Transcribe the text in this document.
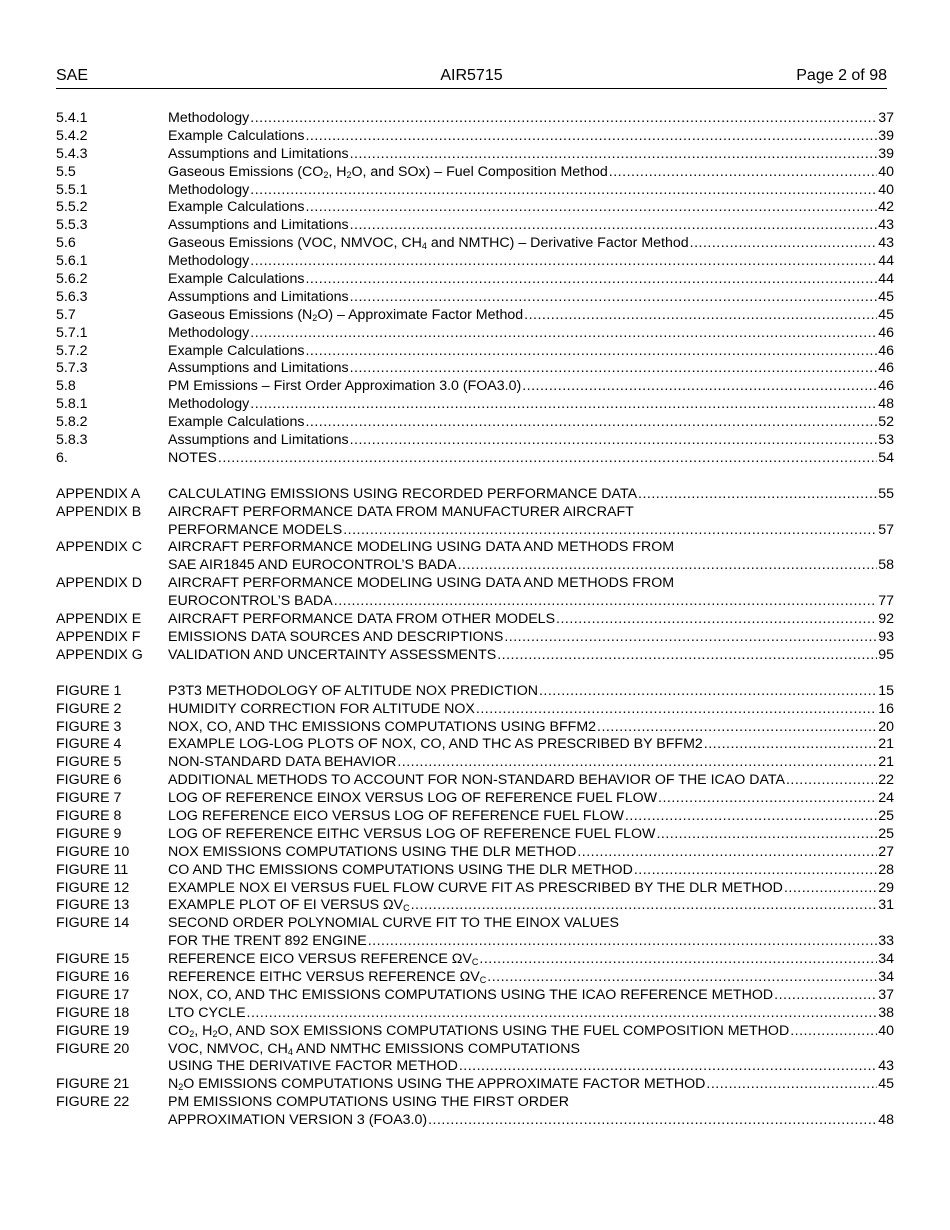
SAE	AIR5715	Page 2 of 98
5.4.1	Methodology .....	37
5.4.2	Example Calculations .....	39
5.4.3	Assumptions and Limitations .....	39
5.5	Gaseous Emissions ($CO_2$, $H_2O$, and SOx) – Fuel Composition Method .....	40
5.5.1	Methodology .....	40
5.5.2	Example Calculations .....	42
5.5.3	Assumptions and Limitations .....	43
5.6	Gaseous Emissions (VOC, NMVOC, $CH_4$ and NMTHC) – Derivative Factor Method .....	43
5.6.1	Methodology .....	44
5.6.2	Example Calculations .....	44
5.6.3	Assumptions and Limitations .....	45
5.7	Gaseous Emissions $(N_2O)$ – Approximate Factor Method .....	45
5.7.1	Methodology .....	46
5.7.2	Example Calculations .....	46
5.7.3	Assumptions and Limitations .....	46
5.8	PM Emissions – First Order Approximation 3.0 (FOA3.0) .....	46
5.8.1	Methodology .....	48
5.8.2	Example Calculations .....	52
5.8.3	Assumptions and Limitations .....	53
6.	NOTES .....	54
APPENDIX A CALCULATING EMISSIONS USING RECORDED PERFORMANCE DATA .....	55
APPENDIX B AIRCRAFT PERFORMANCE DATA FROM MANUFACTURER AIRCRAFT
PERFORMANCE MODELS .....	57
APPENDIX C AIRCRAFT PERFORMANCE MODELING USING DATA AND METHODS FROM
SAE AIR1845 AND EUROCONTROL’S BADA .....	58
APPENDIX D AIRCRAFT PERFORMANCE MODELING USING DATA AND METHODS FROM
EUROCONTROL’S BADA .....	77
APPENDIX E AIRCRAFT PERFORMANCE DATA FROM OTHER MODELS .....	92
APPENDIX F EMISSIONS DATA SOURCES AND DESCRIPTIONS .....	93
APPENDIX G VALIDATION AND UNCERTAINTY ASSESSMENTS .....	95
FIGURE 1	P3T3 METHODOLOGY OF ALTITUDE NOX PREDICTION .....	15
FIGURE 2	HUMIDITY CORRECTION FOR ALTITUDE NOX .....	16
FIGURE 3	NOX, CO, AND THC EMISSIONS COMPUTATIONS USING BFFM2 .....	20
FIGURE 4	EXAMPLE LOG-LOG PLOTS OF NOX, CO, AND THC AS PRESCRIBED BY BFFM2 .....	21
FIGURE 5	NON-STANDARD DATA BEHAVIOR .....	21
FIGURE 6	ADDITIONAL METHODS TO ACCOUNT FOR NON-STANDARD BEHAVIOR OF THE ICAO DATA .....	22
FIGURE 7	LOG OF REFERENCE EINOX VERSUS LOG OF REFERENCE FUEL FLOW .....	24
FIGURE 8	LOG REFERENCE EICO VERSUS LOG OF REFERENCE FUEL FLOW .....	25
FIGURE 9	LOG OF REFERENCE EITHC VERSUS LOG OF REFERENCE FUEL FLOW .....	25
FIGURE 10	NOX EMISSIONS COMPUTATIONS USING THE DLR METHOD .....	27
FIGURE 11	CO AND THC EMISSIONS COMPUTATIONS USING THE DLR METHOD .....	28
FIGURE 12	EXAMPLE NOX EI VERSUS FUEL FLOW CURVE FIT AS PRESCRIBED BY THE DLR METHOD .....	29
FIGURE 13	EXAMPLE PLOT OF EI VERSUS $\Omega V_C$ .....	31
FIGURE 14	SECOND ORDER POLYNOMIAL CURVE FIT TO THE EINOX VALUES
FOR THE TRENT 892 ENGINE .....	33
FIGURE 15	REFERENCE EICO VERSUS REFERENCE $\Omega V_C$ .....	34
FIGURE 16	REFERENCE EITHC VERSUS REFERENCE $\Omega V_C$ .....	34
FIGURE 17	NOX, CO, AND THC EMISSIONS COMPUTATIONS USING THE ICAO REFERENCE METHOD .....	37
FIGURE 18	LTO CYCLE .....	38
FIGURE 19	$CO_2$, $H_2O$, AND SOX EMISSIONS COMPUTATIONS USING THE FUEL COMPOSITION METHOD .....	40
FIGURE 20	VOC, NMVOC, $CH_4$ AND NMTHC EMISSIONS COMPUTATIONS
USING THE DERIVATIVE FACTOR METHOD .....	43
FIGURE 21	$N_2O$ EMISSIONS COMPUTATIONS USING THE APPROXIMATE FACTOR METHOD .....	45
FIGURE 22	PM EMISSIONS COMPUTATIONS USING THE FIRST ORDER
APPROXIMATION VERSION 3 (FOA3.0) .....	48
